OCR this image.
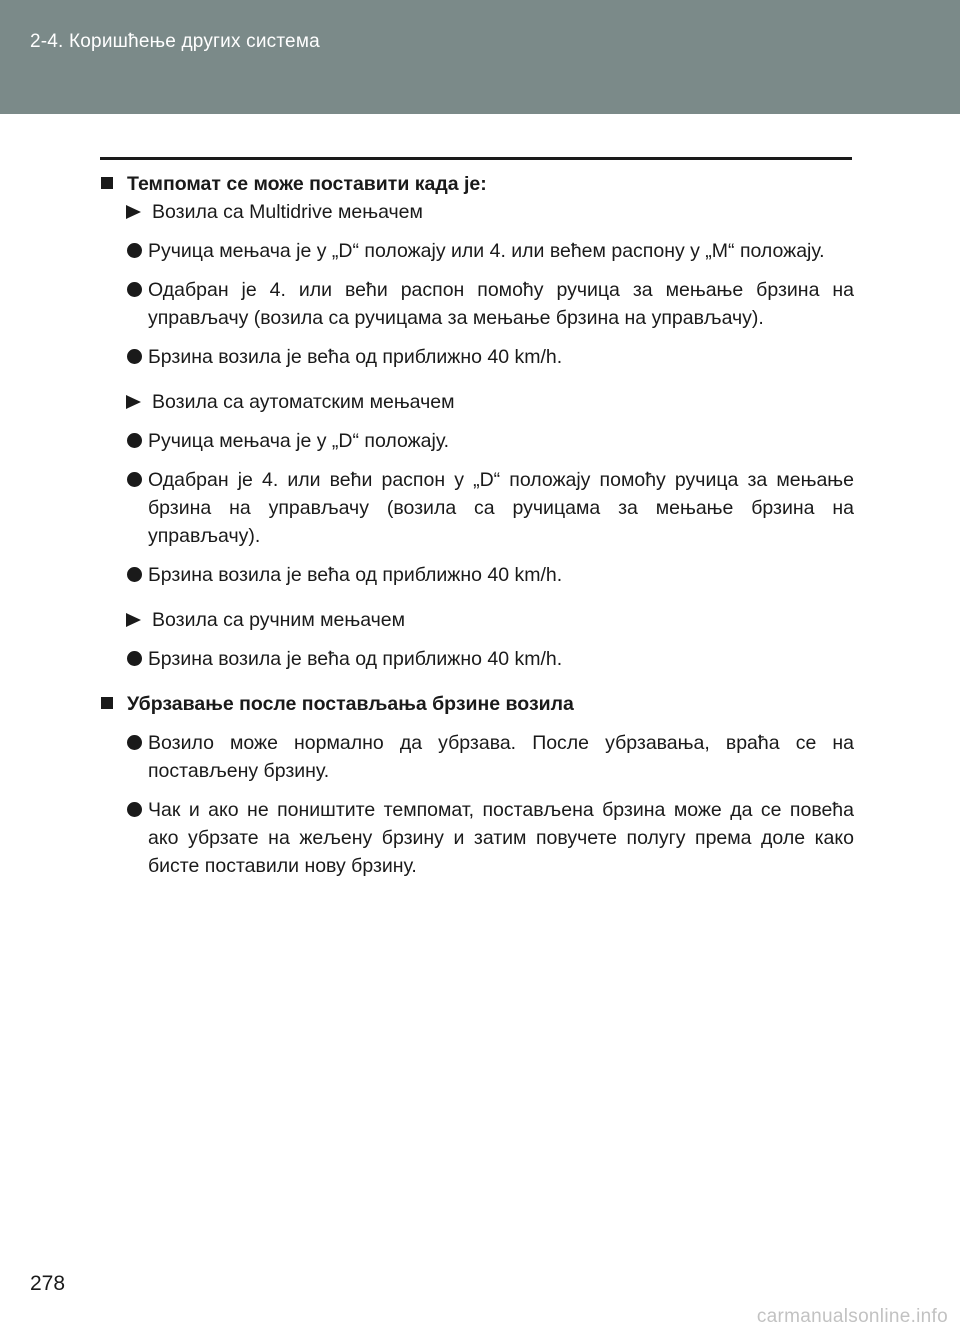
2-4. Коришћење других система
Темпомат се може поставити када је:
Возила са Multidrive мењачем
Ручица мењача је у „D“ положају или 4. или већем распону у „M“ положају.
Одабран је 4. или већи распон помоћу ручица за мењање брзина на управљачу (возила са ручицама за мењање брзина на управљачу).
Брзина возила је већа од приближно 40 km/h.
Возила са аутоматским мењачем
Ручица мењача је у „D“ положају.
Одабран је 4. или већи распон у „D“ положају помоћу ручица за мењање брзина на управљачу (возила са ручицама за мењање брзина на управљачу).
Брзина возила је већа од приближно 40 km/h.
Возила са ручним мењачем
Брзина возила је већа од приближно 40 km/h.
Убрзавање после постављања брзине возила
Возило може нормално да убрзава. После убрзавања, враћа се на постављену брзину.
Чак и ако не поништите темпомат, постављена брзина може да се повећа ако убрзате на жељену брзину и затим повучете полугу према доле како бисте поставили нову брзину.
278
carmanualsonline.info
